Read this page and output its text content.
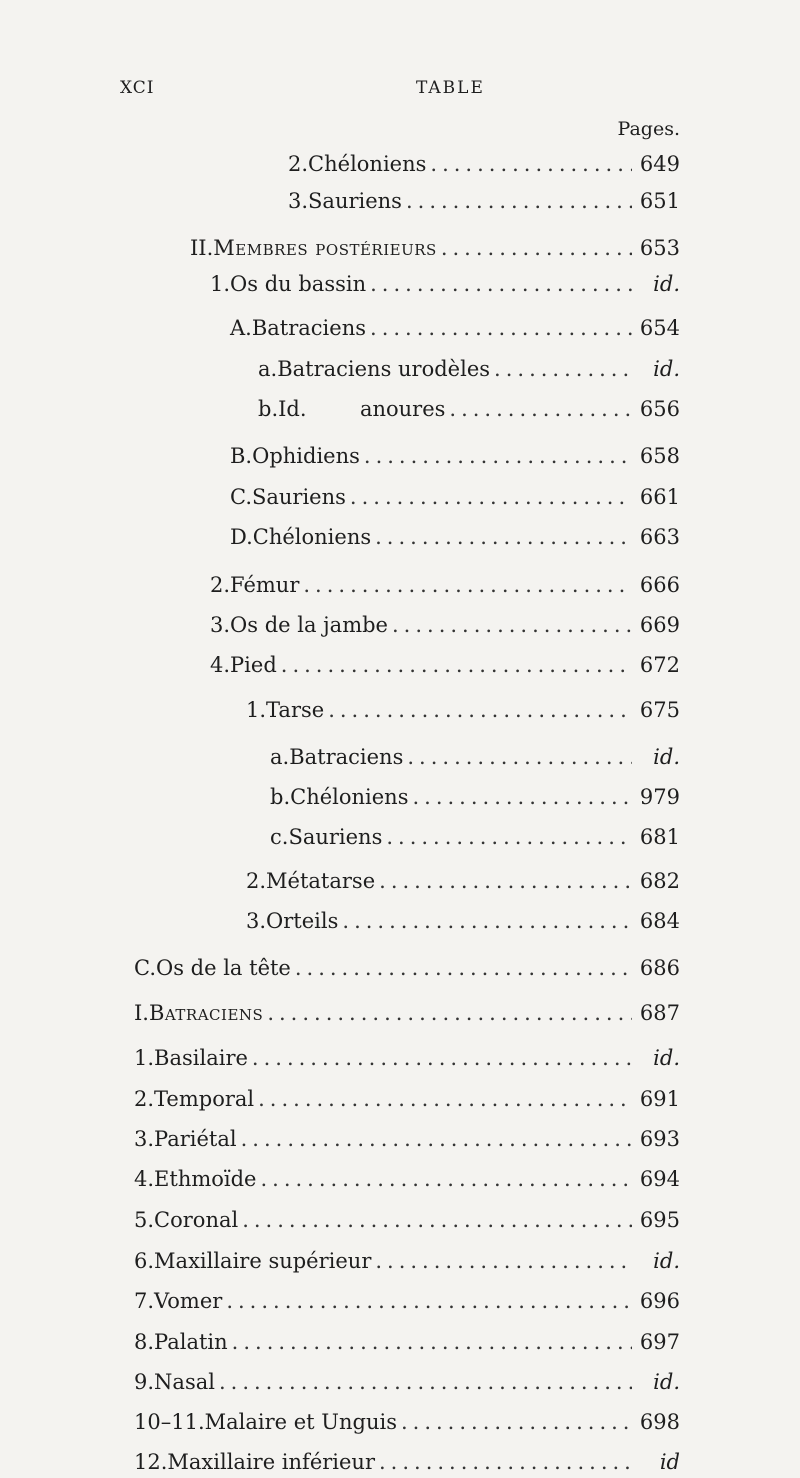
XCI	TABLE
Pages.
2. Chéloniens .....	649
3. Sauriens .....	651
II. Membres postérieurs .....	653
1. Os du bassin .....	id.
A. Batraciens .....	654
a. Batraciens urodèles .....	id.
b. Id.        anoures .....	656
B. Ophidiens .....	658
C. Sauriens .....	661
D. Chéloniens .....	663
2. Fémur .....	666
3. Os de la jambe .....	669
4. Pied .....	672
1. Tarse .....	675
a. Batraciens .....	id.
b. Chéloniens .....	979
c. Sauriens .....	681
2. Métatarse .....	682
3. Orteils .....	684
C. Os de la tête .....	686
I. Batraciens .....	687
1. Basilaire .....	id.
2. Temporal .....	691
3. Pariétal .....	693
4. Ethmoïde .....	694
5. Coronal .....	695
6. Maxillaire supérieur .....	id.
7. Vomer .....	696
8. Palatin .....	697
9. Nasal .....	id.
10–11. Malaire et Unguis .....	698
12. Maxillaire inférieur .....	id
